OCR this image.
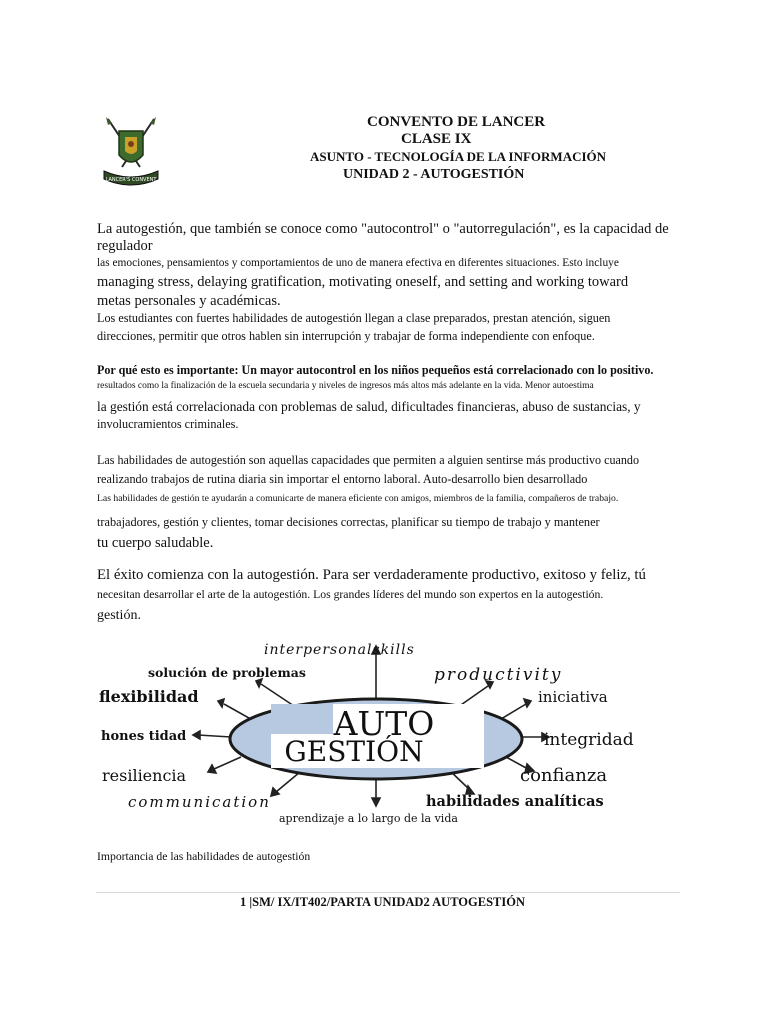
CONVENTO DE LANCER
CLASE IX
ASUNTO - TECNOLOGÍA DE LA INFORMACIÓN
UNIDAD 2 - AUTOGESTIÓN
LANCER'S CONVENT
La autogestión, que también se conoce como "autocontrol" o "autorregulación", es la capacidad de
regulador
las emociones, pensamientos y comportamientos de uno de manera efectiva en diferentes situaciones. Esto incluye
managing stress, delaying gratification, motivating oneself, and setting and working toward
metas personales y académicas.
Los estudiantes con fuertes habilidades de autogestión llegan a clase preparados, prestan atención, siguen
direcciones, permitir que otros hablen sin interrupción y trabajar de forma independiente con enfoque.
Por qué esto es importante: Un mayor autocontrol en los niños pequeños está correlacionado con lo positivo.
resultados como la finalización de la escuela secundaria y niveles de ingresos más altos más adelante en la vida. Menor autoestima
la gestión está correlacionada con problemas de salud, dificultades financieras, abuso de sustancias, y
involucramientos criminales.
Las habilidades de autogestión son aquellas capacidades que permiten a alguien sentirse más productivo cuando
realizando trabajos de rutina diaria sin importar el entorno laboral. Auto-desarrollo bien desarrollado
Las habilidades de gestión te ayudarán a comunicarte de manera eficiente con amigos, miembros de la familia, compañeros de trabajo.
trabajadores, gestión y clientes, tomar decisiones correctas, planificar su tiempo de trabajo y mantener
tu cuerpo saludable.
El éxito comienza con la autogestión. Para ser verdaderamente productivo, exitoso y feliz, tú
necesitan desarrollar el arte de la autogestión. Los grandes líderes del mundo son expertos en la autogestión.
gestión.
AUTO
GESTIÓN
interpersonalskills
solución de problemas	productivity
flexibilidad	iniciativa
hones tidad	integridad
resiliencia	confianza
communication	habilidades analíticas
aprendizaje a lo largo de la vida
Importancia de las habilidades de autogestión
1 |SM/ IX/IT402/PARTA UNIDAD2 AUTOGESTIÓN
